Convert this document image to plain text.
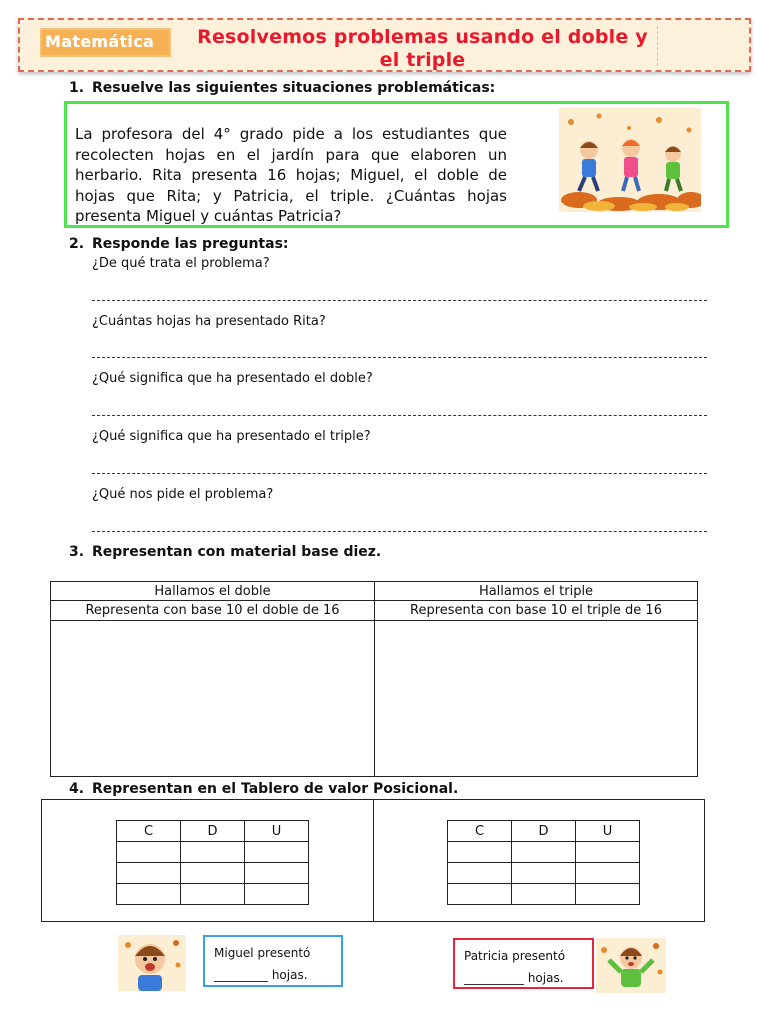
Matemática	Resolvemos problemas usando el doble y el triple
1. Resuelve las siguientes situaciones problemáticas:
La profesora del 4° grado pide a los estudiantes que recolecten hojas en el jardín para que elaboren un herbario. Rita presenta 16 hojas; Miguel, el doble de hojas que Rita; y Patricia, el triple. ¿Cuántas hojas presenta Miguel y cuántas Patricia?
2. Responde las preguntas:
¿De qué trata el problema?
¿Cuántas hojas ha presentado Rita?
¿Qué significa que ha presentado el doble?
¿Qué significa que ha presentado el triple?
¿Qué nos pide el problema?
3. Representan con material base diez.
Hallamos el doble	Hallamos el triple
Representa con base 10 el doble de 16	Representa con base 10 el triple de 16

4. Representan en el Tablero de valor Posicional.
C	D	U

			C	D	U

Miguel presentó
_________ hojas.
Patricia presentó
__________ hojas.
